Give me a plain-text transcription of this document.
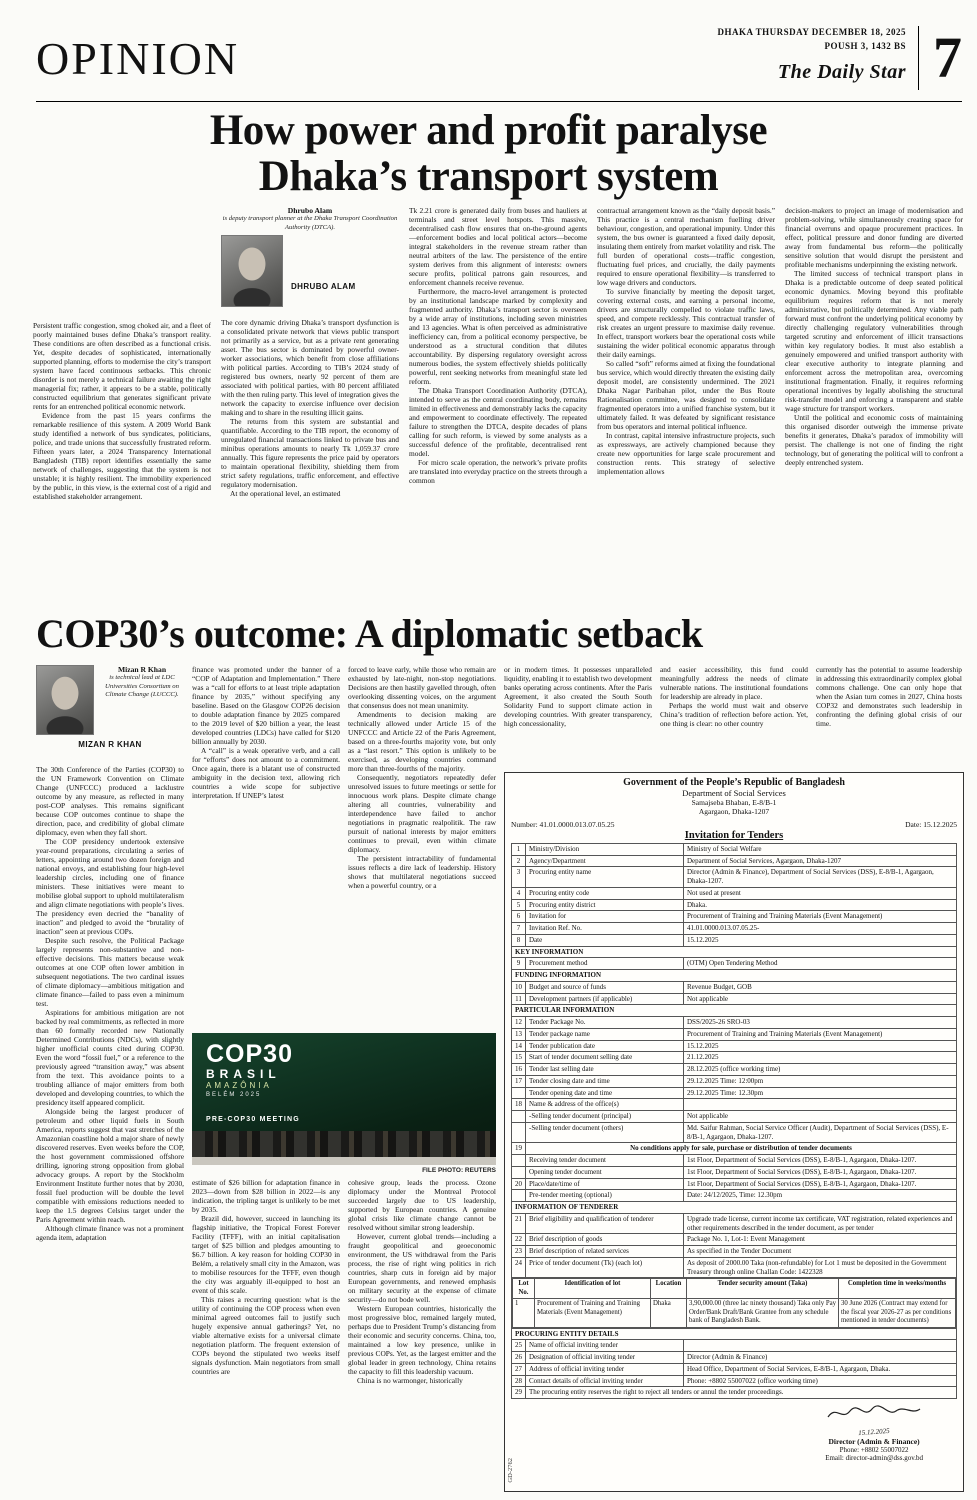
OPINION
DHAKA THURSDAY DECEMBER 18, 2025
POUSH 3, 1432 BS
The Daily Star 7
How power and profit paralyse
Dhaka’s transport system

Persistent traffic congestion, smog choked air, and a fleet of poorly maintained buses define Dhaka’s transport reality. These conditions are often described as a functional crisis. Yet, despite decades of sophisticated, internationally supported planning, efforts to modernise the city’s transport system have faced continuous setbacks. This chronic disorder is not merely a technical failure awaiting the right managerial fix; rather, it appears to be a stable, politically constructed equilibrium that generates significant private rents for an entrenched political economic network.

Evidence from the past 15 years confirms the remarkable resilience of this system. A 2009 World Bank study identified a network of bus syndicates, politicians, police, and trade unions that successfully frustrated reform. Fifteen years later, a 2024 Transparency International Bangladesh (TIB) report identifies essentially the same network of challenges, suggesting that the system is not unstable; it is highly resilient. The immobility experienced by the public, in this view, is the external cost of a rigid and established stakeholder arrangement.

Dhrubo Alam
is deputy transport planner at the Dhaka Transport Coordination Authority (DTCA).
DHRUBO ALAM

The core dynamic driving Dhaka’s transport dysfunction is a consolidated private network that views public transport not primarily as a service, but as a private rent generating asset. The bus sector is dominated by powerful owner-worker associations, which benefit from close affiliations with political parties. According to TIB’s 2024 study of registered bus owners, nearly 92 percent of them are associated with political parties, with 80 percent affiliated with the then ruling party. This level of integration gives the network the capacity to exercise influence over decision making and to share in the resulting illicit gains.

The returns from this system are substantial and quantifiable. According to the TIB report, the economy of unregulated financial transactions linked to private bus and minibus operations amounts to nearly Tk 1,059.37 crore annually. This figure represents the price paid by operators to maintain operational flexibility, shielding them from strict safety regulations, traffic enforcement, and effective regulatory modernisation.

At the operational level, an estimated

Tk 2.21 crore is generated daily from buses and hauliers at terminals and street level hotspots. This massive, decentralised cash flow ensures that on-the-ground agents—enforcement bodies and local political actors—become integral stakeholders in the revenue stream rather than neutral arbiters of the law. The persistence of the entire system derives from this alignment of interests: owners secure profits, political patrons gain resources, and enforcement channels receive revenue.

Furthermore, the macro-level arrangement is protected by an institutional landscape marked by complexity and fragmented authority. Dhaka’s transport sector is overseen by a wide array of institutions, including seven ministries and 13 agencies. What is often perceived as administrative inefficiency can, from a political economy perspective, be understood as a structural condition that dilutes accountability. By dispersing regulatory oversight across numerous bodies, the system effectively shields politically powerful, rent seeking networks from meaningful state led reform.

The Dhaka Transport Coordination Authority (DTCA), intended to serve as the central coordinating body, remains limited in effectiveness and demonstrably lacks the capacity and empowerment to coordinate effectively. The repeated failure to strengthen the DTCA, despite decades of plans calling for such reform, is viewed by some analysts as a successful defence of the profitable, decentralised rent model.

For micro scale operation, the network’s private profits are translated into everyday practice on the streets through a common

contractual arrangement known as the “daily deposit basis.” This practice is a central mechanism fuelling driver behaviour, congestion, and operational impunity. Under this system, the bus owner is guaranteed a fixed daily deposit, insulating them entirely from market volatility and risk. The full burden of operational costs—traffic congestion, fluctuating fuel prices, and crucially, the daily payments required to ensure operational flexibility—is transferred to low wage drivers and conductors.

To survive financially by meeting the deposit target, covering external costs, and earning a personal income, drivers are structurally compelled to violate traffic laws, speed, and compete recklessly. This contractual transfer of risk creates an urgent pressure to maximise daily revenue. In effect, transport workers bear the operational costs while sustaining the wider political economic apparatus through their daily earnings.

So called “soft” reforms aimed at fixing the foundational bus service, which would directly threaten the existing daily deposit model, are consistently undermined. The 2021 Dhaka Nagar Paribahan pilot, under the Bus Route Rationalisation committee, was designed to consolidate fragmented operators into a unified franchise system, but it ultimately failed. It was defeated by significant resistance from bus operators and internal political influence.

In contrast, capital intensive infrastructure projects, such as expressways, are actively championed because they create new opportunities for large scale procurement and construction rents. This strategy of selective implementation allows

decision-makers to project an image of modernisation and problem-solving, while simultaneously creating space for financial overruns and opaque procurement practices. In effect, political pressure and donor funding are diverted away from fundamental bus reform—the politically sensitive solution that would disrupt the persistent and profitable mechanisms underpinning the existing network.

The limited success of technical transport plans in Dhaka is a predictable outcome of deep seated political economic dynamics. Moving beyond this profitable equilibrium requires reform that is not merely administrative, but politically determined. Any viable path forward must confront the underlying political economy by directly challenging regulatory vulnerabilities through targeted scrutiny and enforcement of illicit transactions within key regulatory bodies. It must also establish a genuinely empowered and unified transport authority with clear executive authority to integrate planning and enforcement across the metropolitan area, overcoming institutional fragmentation. Finally, it requires reforming operational incentives by legally abolishing the structural risk-transfer model and enforcing a transparent and stable wage structure for transport workers.

Until the political and economic costs of maintaining this organised disorder outweigh the immense private benefits it generates, Dhaka’s paradox of immobility will persist. The challenge is not one of finding the right technology, but of generating the political will to confront a deeply entrenched system.

COP30’s outcome: A diplomatic setback
Mizan R Khan
is technical lead at LDC Universities Consortium on Climate Change (LUCCC).
MIZAN R KHAN

The 30th Conference of the Parties (COP30) to the UN Framework Convention on Climate Change (UNFCCC) produced a lacklustre outcome by any measure, as reflected in many post-COP analyses. This remains significant because COP outcomes continue to shape the direction, pace, and credibility of global climate diplomacy, even when they fall short.

The COP presidency undertook extensive year-round preparations, circulating a series of letters, appointing around two dozen foreign and national envoys, and establishing four high-level leadership circles, including one of finance ministers. These initiatives were meant to mobilise global support to uphold multilateralism and align climate negotiations with people’s lives. The presidency even decried the “banality of inaction” and pledged to avoid the “brutality of inaction” seen at previous COPs.

Despite such resolve, the Political Package largely represents non-substantive and non-effective decisions. This matters because weak outcomes at one COP often lower ambition in subsequent negotiations. The two cardinal issues of climate diplomacy—ambitious mitigation and climate finance—failed to pass even a minimum test.

Aspirations for ambitious mitigation are not backed by real commitments, as reflected in more than 60 formally recorded new Nationally Determined Contributions (NDCs), with slightly higher unofficial counts cited during COP30. Even the word “fossil fuel,” or a reference to the previously agreed “transition away,” was absent from the text. This avoidance points to a troubling alliance of major emitters from both developed and developing countries, to which the presidency itself appeared complicit.

Alongside being the largest producer of petroleum and other liquid fuels in South America, reports suggest that vast stretches of the Amazonian coastline hold a major share of newly discovered reserves. Even weeks before the COP, the host government commissioned offshore drilling, ignoring strong opposition from global advocacy groups. A report by the Stockholm Environment Institute further notes that by 2030, fossil fuel production will be double the level compatible with emissions reductions needed to keep the 1.5 degrees Celsius target under the Paris Agreement within reach.

Although climate finance was not a prominent agenda item, adaptation

finance was promoted under the banner of a “COP of Adaptation and Implementation.” There was a “call for efforts to at least triple adaptation finance by 2035,” without specifying any baseline. Based on the Glasgow COP26 decision to double adaptation finance by 2025 compared to the 2019 level of $20 billion a year, the least developed countries (LDCs) have called for $120 billion annually by 2030.

A “call” is a weak operative verb, and a call for “efforts” does not amount to a commitment. Once again, there is a blatant use of constructed ambiguity in the decision text, allowing rich countries a wide scope for subjective interpretation. If UNEP’s latest

forced to leave early, while those who remain are exhausted by late-night, non-stop negotiations. Decisions are then hastily gavelled through, often overlooking dissenting voices, on the argument that consensus does not mean unanimity.

Amendments to decision making are technically allowed under Article 15 of the UNFCCC and Article 22 of the Paris Agreement, based on a three-fourths majority vote, but only as a “last resort.” This option is unlikely to be exercised, as developing countries command more than three-fourths of the majority.

Consequently, negotiators repeatedly defer unresolved issues to future meetings or settle for innocuous work plans. Despite climate change altering all countries, vulnerability and interdependence have failed to anchor negotiations in pragmatic realpolitik. The raw pursuit of national interests by major emitters continues to prevail, even within climate diplomacy.

The persistent intractability of fundamental issues reflects a dire lack of leadership. History shows that multilateral negotiations succeed when a powerful country, or a

COP30
BRASIL
AMAZÔNIA
BELÉM 2025
PRE-COP30 MEETING
FILE PHOTO: REUTERS

estimate of $26 billion for adaptation finance in 2023—down from $28 billion in 2022—is any indication, the tripling target is unlikely to be met by 2035.

Brazil did, however, succeed in launching its flagship initiative, the Tropical Forest Forever Facility (TFFF), with an initial capitalisation target of $25 billion and pledges amounting to $6.7 billion. A key reason for holding COP30 in Belém, a relatively small city in the Amazon, was to mobilise resources for the TFFF, even though the city was arguably ill-equipped to host an event of this scale.

This raises a recurring question: what is the utility of continuing the COP process when even minimal agreed outcomes fail to justify such hugely expensive annual gatherings? Yet, no viable alternative exists for a universal climate negotiation platform. The frequent extension of COPs beyond the stipulated two weeks itself signals dysfunction. Main negotiators from small countries are

cohesive group, leads the process. Ozone diplomacy under the Montreal Protocol succeeded largely due to US leadership, supported by European countries. A genuine global crisis like climate change cannot be resolved without similar strong leadership.

However, current global trends—including a fraught geopolitical and geoeconomic environment, the US withdrawal from the Paris process, the rise of right wing politics in rich countries, sharp cuts in foreign aid by major European governments, and renewed emphasis on military security at the expense of climate security—do not bode well.

Western European countries, historically the most progressive bloc, remained largely muted, perhaps due to President Trump’s distancing from their economic and security concerns. China, too, maintained a low key presence, unlike in previous COPs. Yet, as the largest emitter and the global leader in green technology, China retains the capacity to fill this leadership vacuum.

China is no warmonger, historically

or in modern times. It possesses unparalleled liquidity, enabling it to establish two development banks operating across continents. After the Paris Agreement, it also created the South South Solidarity Fund to support climate action in developing countries. With greater transparency, high concessionality,

and easier accessibility, this fund could meaningfully address the needs of climate vulnerable nations. The institutional foundations for leadership are already in place.

Perhaps the world must wait and observe China’s tradition of reflection before action. Yet, one thing is clear: no other country

currently has the potential to assume leadership in addressing this extraordinarily complex global commons challenge. One can only hope that when the Asian turn comes in 2027, China hosts COP32 and demonstrates such leadership in confronting the defining global crisis of our time.

Government of the People’s Republic of Bangladesh
Department of Social Services
Samajseba Bhaban, E-8/B-1
Agargaon, Dhaka-1207
Number: 41.01.0000.013.07.05.25	Date: 15.12.2025
Invitation for Tenders
1	Ministry/Division	Ministry of Social Welfare
2	Agency/Department	Department of Social Services, Agargaon, Dhaka-1207
3	Procuring entity name	Director (Admin & Finance), Department of Social Services (DSS), E-8/B-1, Agargaon, Dhaka-1207.
4	Procuring entity code	Not used at present
5	Procuring entity district	Dhaka.
6	Invitation for	Procurement of Training and Training Materials (Event Management)
7	Invitation Ref. No.	41.01.0000.013.07.05.25-
8	Date	15.12.2025
KEY INFORMATION
9	Procurement method	(OTM) Open Tendering Method
FUNDING INFORMATION
10	Budget and source of funds	Revenue Budget, GOB
11	Development partners (if applicable)	Not applicable
PARTICULAR INFORMATION
12	Tender Package No.	DSS/2025-26 SRO-03
13	Tender package name	Procurement of Training and Training Materials (Event Management)
14	Tender publication date	15.12.2025
15	Start of tender document selling date	21.12.2025
16	Tender last selling date	28.12.2025 (office working time)
17	Tender closing date and time	29.12.2025 Time: 12:00pm
	Tender opening date and time	29.12.2025 Time: 12.30pm
18	Name & address of the office(s)	
	-Selling tender document (principal)	Not applicable
	-Selling tender document (others)	Md. Saifur Rahman, Social Service Officer (Audit), Department of Social Services (DSS), E-8/B-1, Agargaon, Dhaka-1207.
19	No conditions apply for sale, purchase or distribution of tender documents
	Receiving tender document	1st Floor, Department of Social Services (DSS), E-8/B-1, Agargaon, Dhaka-1207.
	Opening tender document	1st Floor, Department of Social Services (DSS), E-8/B-1, Agargaon, Dhaka-1207.
20	Place/date/time of	1st Floor, Department of Social Services (DSS), E-8/B-1, Agargaon, Dhaka-1207.
	Pre-tender meeting (optional)	Date: 24/12/2025, Time: 12.30pm
INFORMATION OF TENDERER
21	Brief eligibility and qualification of tenderer	Upgrade trade license, current income tax certificate, VAT registration, related experiences and other requirements described in the tender document, as per tender
22	Brief description of goods	Package No. 1, Lot-1: Event Management
23	Brief description of related services	As specified in the Tender Document
24	Price of tender document (Tk) (each lot)	As deposit of 2000.00 Taka (non-refundable) for Lot 1 must be deposited in the Government Treasury through online Challan Code: 1422328

Lot No.	Identification of lot	Location	Tender security amount (Taka)	Completion time in weeks/months
1	Procurement of Training and Training Materials (Event Management)	Dhaka	3,90,000.00 (three lac ninety thousand) Taka only Pay Order/Bank Draft/Bank Grantee from any schedule bank of Bangladesh Bank.	30 June 2026 (Contract may extend for the fiscal year 2026-27 as per conditions mentioned in tender documents)

PROCURING ENTITY DETAILS
25	Name of official inviting tender	
26	Designation of official inviting tender	Director (Admin & Finance)
27	Address of official inviting tender	Head Office, Department of Social Services, E-8/B-1, Agargaon, Dhaka.
28	Contact details of official inviting tender	Phone: +8802 55007022 (office working time)
29	The procuring entity reserves the right to reject all tenders or annul the tender proceedings.
15.12.2025
Director (Admin & Finance)
Phone: +8802 55007022
Email: director-admin@dss.gov.bd
GD-2762
